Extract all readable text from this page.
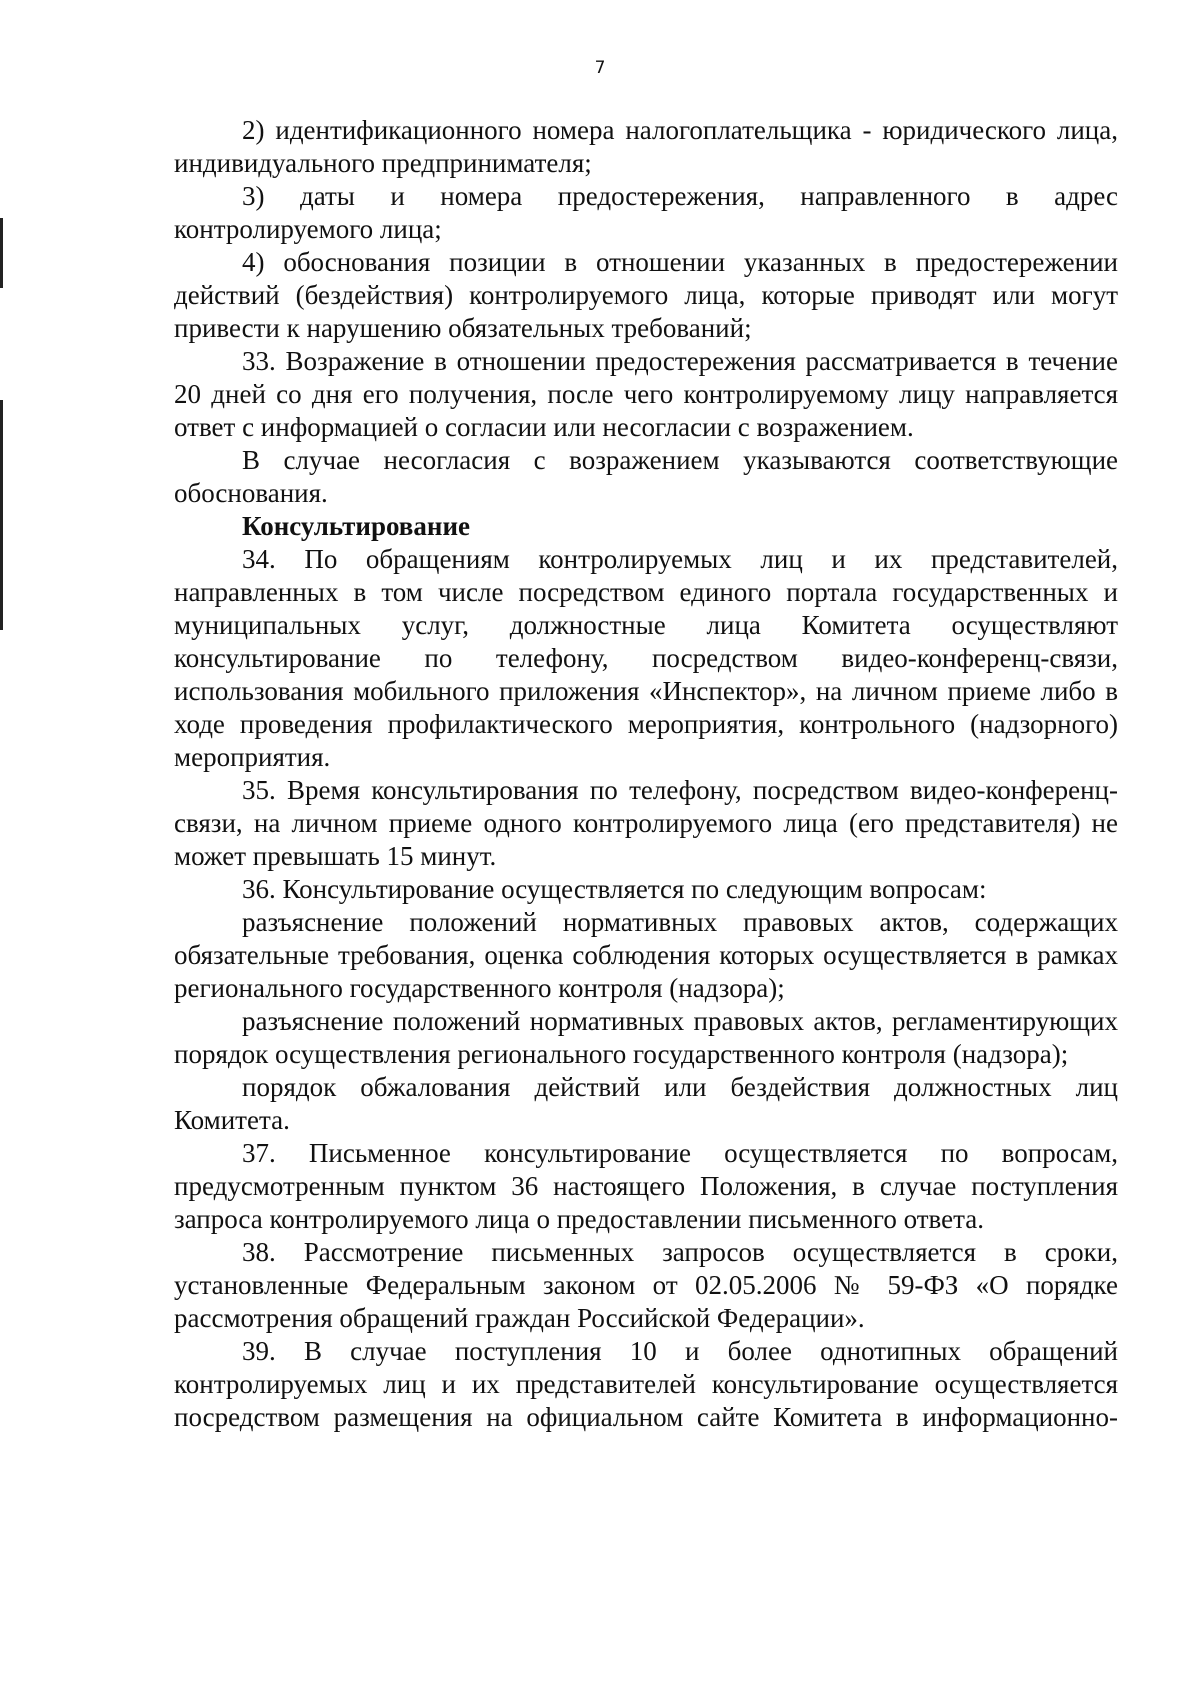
7

2) идентификационного номера налогоплательщика - юридического лица, индивидуального предпринимателя;

3) даты и номера предостережения, направленного в адрес контролируемого лица;

4) обоснования позиции в отношении указанных в предостережении действий (бездействия) контролируемого лица, которые приводят или могут привести к нарушению обязательных требований;

33. Возражение в отношении предостережения рассматривается в течение 20 дней со дня его получения, после чего контролируемому лицу направляется ответ с информацией о согласии или несогласии с возражением.

В случае несогласия с возражением указываются соответствующие обоснования.

Консультирование

34. По обращениям контролируемых лиц и их представителей, направленных в том числе посредством единого портала государственных и муниципальных услуг, должностные лица Комитета осуществляют консультирование по телефону, посредством видео-конференц-связи, использования мобильного приложения «Инспектор», на личном приеме либо в ходе проведения профилактического мероприятия, контрольного (надзорного) мероприятия.

35. Время консультирования по телефону, посредством видео-конференц-связи, на личном приеме одного контролируемого лица (его представителя) не может превышать 15 минут.

36. Консультирование осуществляется по следующим вопросам:

разъяснение положений нормативных правовых актов, содержащих обязательные требования, оценка соблюдения которых осуществляется в рамках регионального государственного контроля (надзора);

разъяснение положений нормативных правовых актов, регламентирующих порядок осуществления регионального государственного контроля (надзора);

порядок обжалования действий или бездействия должностных лиц Комитета.

37. Письменное консультирование осуществляется по вопросам, предусмотренным пунктом 36 настоящего Положения, в случае поступления запроса контролируемого лица о предоставлении письменного ответа.

38. Рассмотрение письменных запросов осуществляется в сроки, установленные Федеральным законом от 02.05.2006 № 59-ФЗ «О порядке рассмотрения обращений граждан Российской Федерации».

39. В случае поступления 10 и более однотипных обращений контролируемых лиц и их представителей консультирование осуществляется посредством размещения на официальном сайте Комитета в информационно-
